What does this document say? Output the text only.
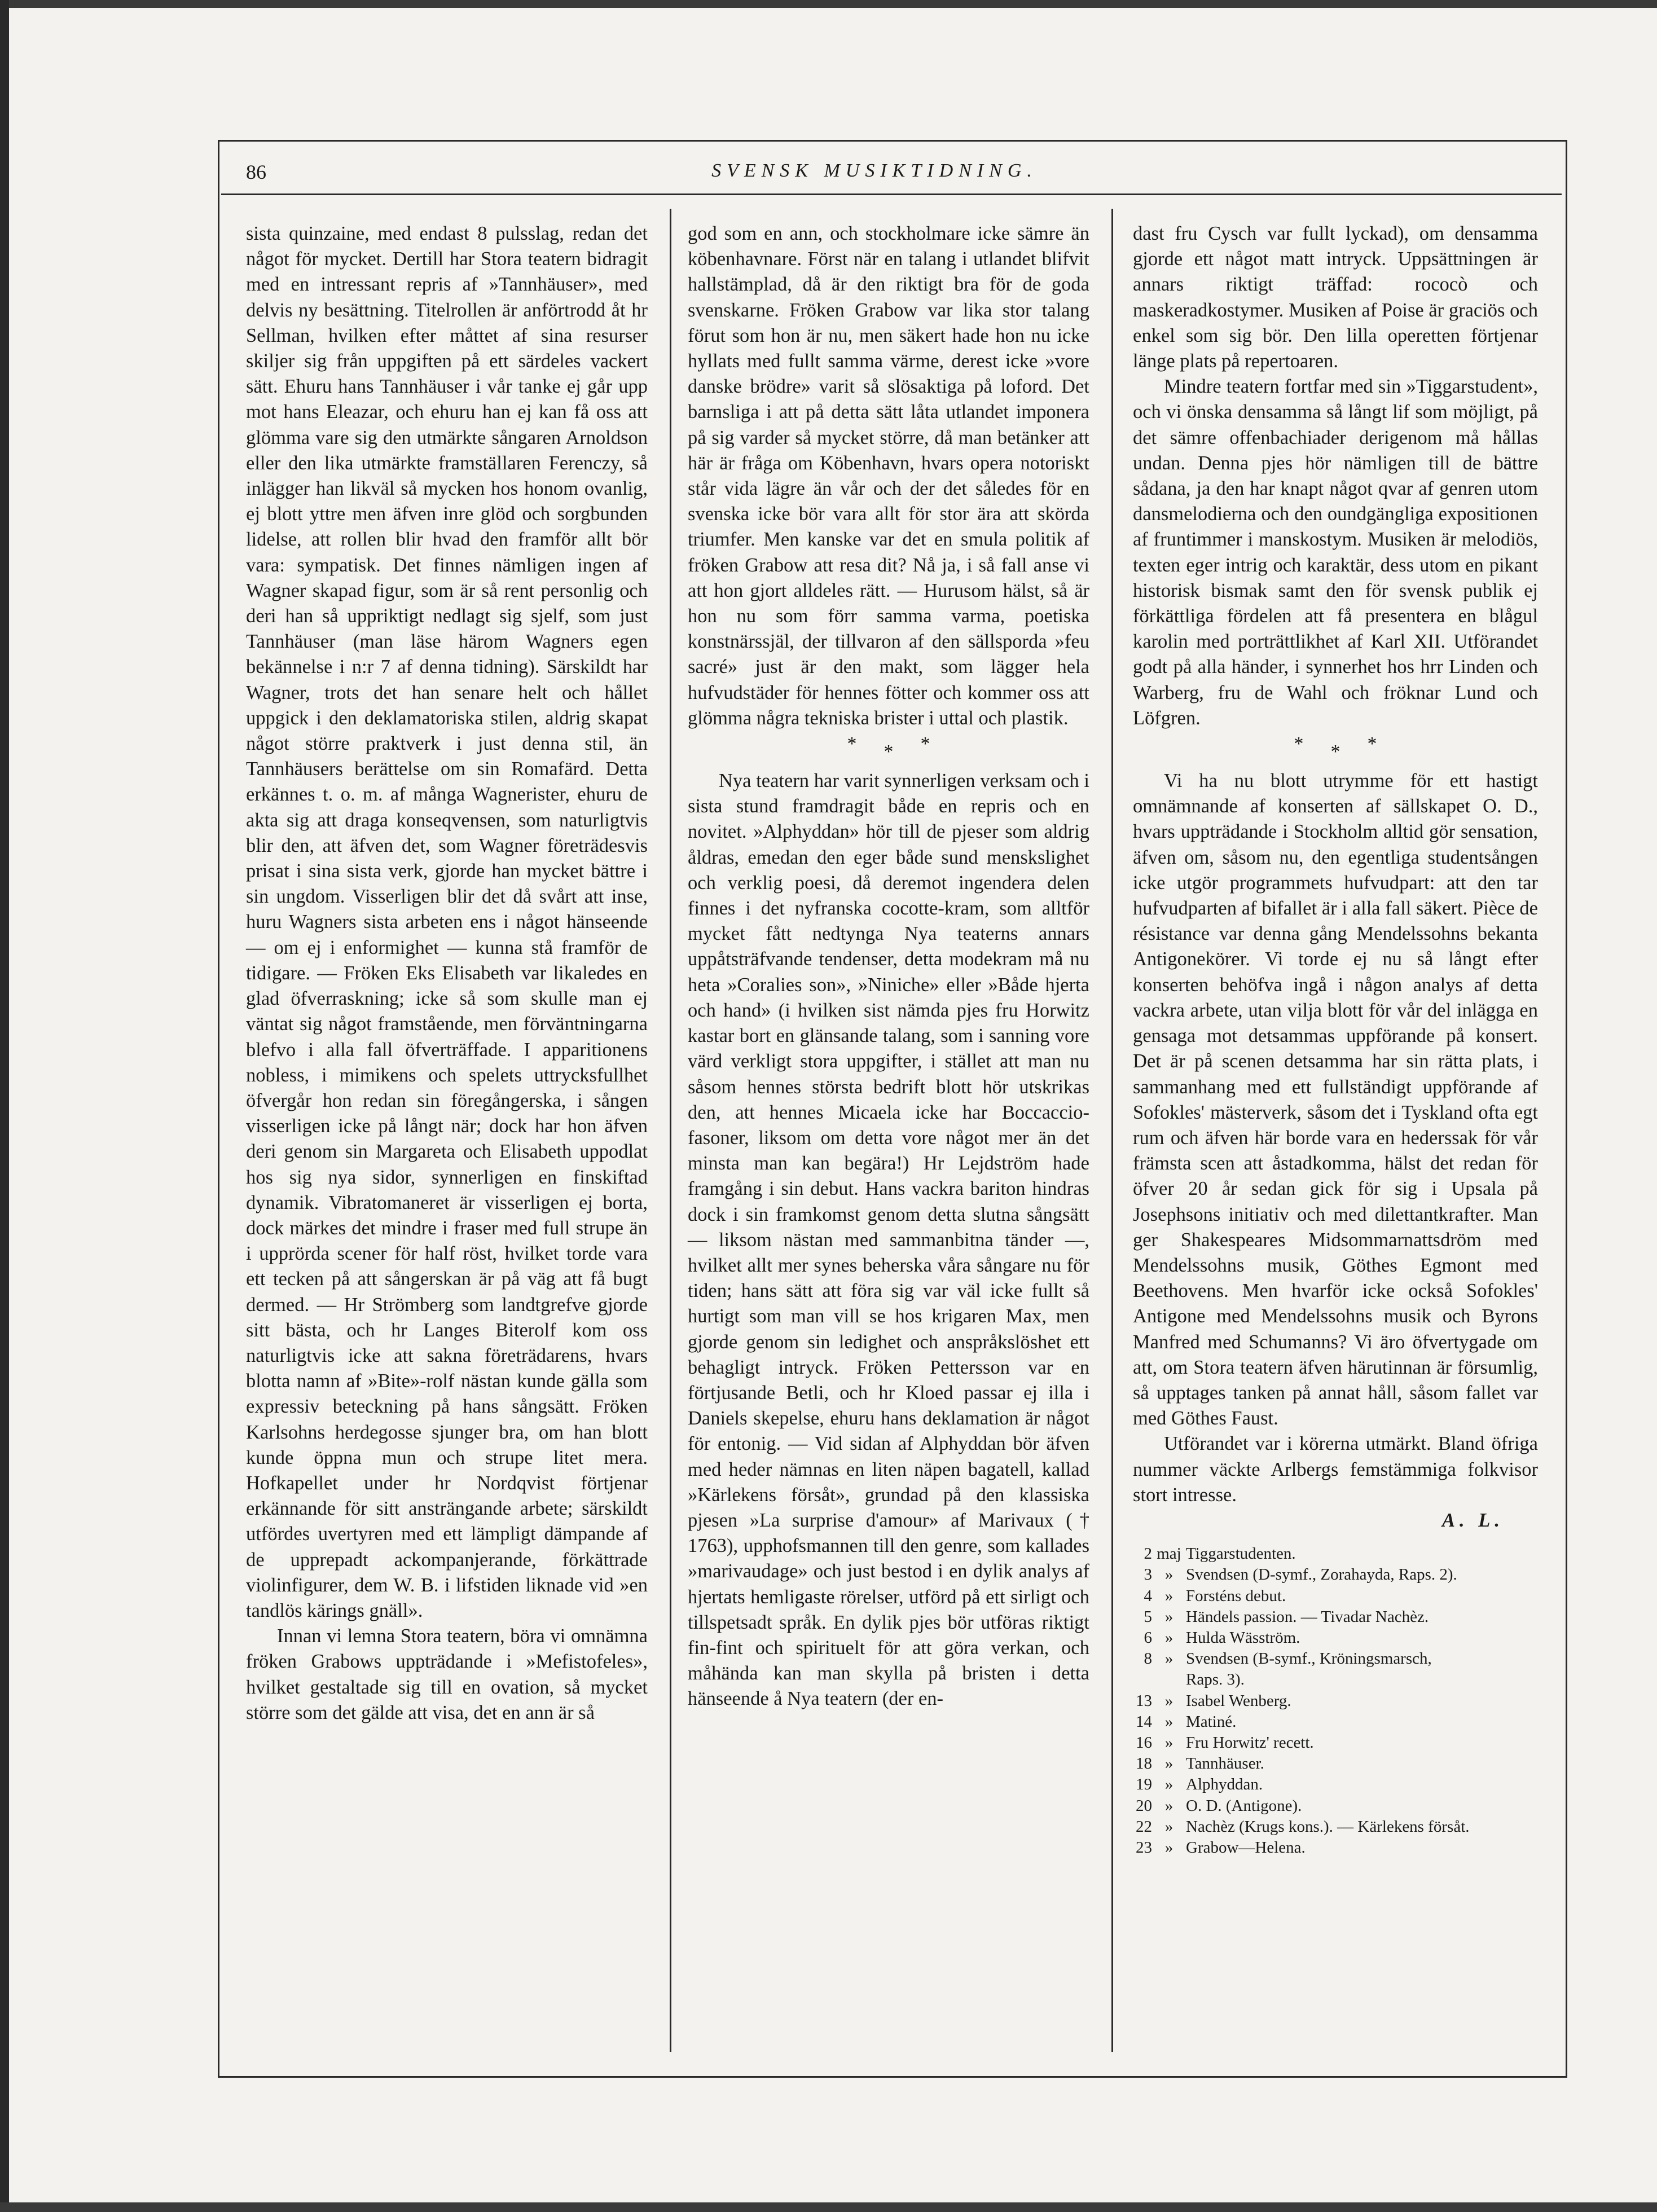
86	SVENSK MUSIKTIDNING.

sista quinzaine, med endast 8 pulsslag, redan det något för mycket. Dertill har Stora teatern bidragit med en intressant repris af »Tannhäuser», med delvis ny besättning. Titelrollen är anförtrodd åt hr Sellman, hvilken efter måttet af sina resurser skiljer sig från uppgiften på ett särdeles vackert sätt. Ehuru hans Tannhäuser i vår tanke ej går upp mot hans Eleazar, och ehuru han ej kan få oss att glömma vare sig den utmärkte sångaren Arnoldson eller den lika utmärkte framställaren Ferenczy, så inlägger han likväl så mycken hos honom ovanlig, ej blott yttre men äfven inre glöd och sorgbunden lidelse, att rollen blir hvad den framför allt bör vara: sympatisk. Det finnes nämligen ingen af Wagner skapad figur, som är så rent personlig och deri han så uppriktigt nedlagt sig sjelf, som just Tannhäuser (man läse härom Wagners egen bekännelse i n:r 7 af denna tidning). Särskildt har Wagner, trots det han senare helt och hållet uppgick i den deklamatoriska stilen, aldrig skapat något större praktverk i just denna stil, än Tannhäusers berättelse om sin Romafärd. Detta erkännes t. o. m. af många Wagnerister, ehuru de akta sig att draga konseqvensen, som naturligtvis blir den, att äfven det, som Wagner företrädesvis prisat i sina sista verk, gjorde han mycket bättre i sin ungdom. Visserligen blir det då svårt att inse, huru Wagners sista arbeten ens i något hänseende — om ej i enformighet — kunna stå framför de tidigare. — Fröken Eks Elisabeth var likaledes en glad öfverraskning; icke så som skulle man ej väntat sig något framstående, men förväntningarna blefvo i alla fall öfverträffade. I apparitionens nobless, i mimikens och spelets uttrycksfullhet öfvergår hon redan sin föregångerska, i sången visserligen icke på långt när; dock har hon äfven deri genom sin Margareta och Elisabeth uppodlat hos sig nya sidor, synnerligen en finskiftad dynamik. Vibratomaneret är visserligen ej borta, dock märkes det mindre i fraser med full strupe än i upprörda scener för half röst, hvilket torde vara ett tecken på att sångerskan är på väg att få bugt dermed. — Hr Strömberg som landtgrefve gjorde sitt bästa, och hr Langes Biterolf kom oss naturligtvis icke att sakna företrädarens, hvars blotta namn af »Bite»-rolf nästan kunde gälla som expressiv beteckning på hans sångsätt. Fröken Karlsohns herdegosse sjunger bra, om han blott kunde öppna mun och strupe litet mera. Hofkapellet under hr Nordqvist förtjenar erkännande för sitt ansträngande arbete; särskildt utfördes uvertyren med ett lämpligt dämpande af de upprepadt ackompanjerande, förkättrade violinfigurer, dem W. B. i lifstiden liknade vid »en tandlös kärings gnäll».

Innan vi lemna Stora teatern, böra vi omnämna fröken Grabows uppträdande i »Mefistofeles», hvilket gestaltade sig till en ovation, så mycket större som det gälde att visa, det en ann är så

god som en ann, och stockholmare icke sämre än köbenhavnare. Först när en talang i utlandet blifvit hallstämplad, då är den riktigt bra för de goda svenskarne. Fröken Grabow var lika stor talang förut som hon är nu, men säkert hade hon nu icke hyllats med fullt samma värme, derest icke »vore danske brödre» varit så slösaktiga på loford. Det barnsliga i att på detta sätt låta utlandet imponera på sig varder så mycket större, då man betänker att här är fråga om Köbenhavn, hvars opera notoriskt står vida lägre än vår och der det således för en svenska icke bör vara allt för stor ära att skörda triumfer. Men kanske var det en smula politik af fröken Grabow att resa dit? Nå ja, i så fall anse vi att hon gjort alldeles rätt. — Hurusom hälst, så är hon nu som förr samma varma, poetiska konstnärssjäl, der tillvaron af den sällsporda »feu sacré» just är den makt, som lägger hela hufvudstäder för hennes fötter och kommer oss att glömma några tekniska brister i uttal och plastik.

* * *

Nya teatern har varit synnerligen verksam och i sista stund framdragit både en repris och en novitet. »Alphyddan» hör till de pjeser som aldrig åldras, emedan den eger både sund menskslighet och verklig poesi, då deremot ingendera delen finnes i det nyfranska cocotte-kram, som alltför mycket fått nedtynga Nya teaterns annars uppåtsträfvande tendenser, detta modekram må nu heta »Coralies son», »Niniche» eller »Både hjerta och hand» (i hvilken sist nämda pjes fru Horwitz kastar bort en glänsande talang, som i sanning vore värd verkligt stora uppgifter, i stället att man nu såsom hennes största bedrift blott hör utskrikas den, att hennes Micaela icke har Boccaccio-fasoner, liksom om detta vore något mer än det minsta man kan begära!) Hr Lejdström hade framgång i sin debut. Hans vackra bariton hindras dock i sin framkomst genom detta slutna sångsätt — liksom nästan med sammanbitna tänder —, hvilket allt mer synes beherska våra sångare nu för tiden; hans sätt att föra sig var väl icke fullt så hurtigt som man vill se hos krigaren Max, men gjorde genom sin ledighet och anspråkslöshet ett behagligt intryck. Fröken Pettersson var en förtjusande Betli, och hr Kloed passar ej illa i Daniels skepelse, ehuru hans deklamation är något för entonig. — Vid sidan af Alphyddan bör äfven med heder nämnas en liten näpen bagatell, kallad »Kärlekens försåt», grundad på den klassiska pjesen »La surprise d'amour» af Marivaux († 1763), upphofsmannen till den genre, som kallades »marivaudage» och just bestod i en dylik analys af hjertats hemligaste rörelser, utförd på ett sirligt och tillspetsadt språk. En dylik pjes bör utföras riktigt fin-fint och spirituelt för att göra verkan, och måhända kan man skylla på bristen i detta hänseende å Nya teatern (der en-

dast fru Cysch var fullt lyckad), om densamma gjorde ett något matt intryck. Uppsättningen är annars riktigt träffad: rococò och maskeradkostymer. Musiken af Poise är graciös och enkel som sig bör. Den lilla operetten förtjenar länge plats på repertoaren.

Mindre teatern fortfar med sin »Tiggarstudent», och vi önska densamma så långt lif som möjligt, på det sämre offenbachiader derigenom må hållas undan. Denna pjes hör nämligen till de bättre sådana, ja den har knapt något qvar af genren utom dansmelodierna och den oundgängliga expositionen af fruntimmer i manskostym. Musiken är melodiös, texten eger intrig och karaktär, dess utom en pikant historisk bismak samt den för svensk publik ej förkättliga fördelen att få presentera en blågul karolin med porträttlikhet af Karl XII. Utförandet godt på alla händer, i synnerhet hos hrr Linden och Warberg, fru de Wahl och fröknar Lund och Löfgren.

* * *

Vi ha nu blott utrymme för ett hastigt omnämnande af konserten af sällskapet O. D., hvars uppträdande i Stockholm alltid gör sensation, äfven om, såsom nu, den egentliga studentsången icke utgör programmets hufvudpart: att den tar hufvudparten af bifallet är i alla fall säkert. Pièce de résistance var denna gång Mendelssohns bekanta Antigonekörer. Vi torde ej nu så långt efter konserten behöfva ingå i någon analys af detta vackra arbete, utan vilja blott för vår del inlägga en gensaga mot detsammas uppförande på konsert. Det är på scenen detsamma har sin rätta plats, i sammanhang med ett fullständigt uppförande af Sofokles' mästerverk, såsom det i Tyskland ofta egt rum och äfven här borde vara en hederssak för vår främsta scen att åstadkomma, hälst det redan för öfver 20 år sedan gick för sig i Upsala på Josephsons initiativ och med dilettantkrafter. Man ger Shakespeares Midsommarnattsdröm med Mendelssohns musik, Göthes Egmont med Beethovens. Men hvarför icke också Sofokles' Antigone med Mendelssohns musik och Byrons Manfred med Schumanns? Vi äro öfvertygade om att, om Stora teatern äfven härutinnan är försumlig, så upptages tanken på annat håll, såsom fallet var med Göthes Faust.

Utförandet var i körerna utmärkt. Bland öfriga nummer väckte Arlbergs femstämmiga folkvisor stort intresse.

A. L.

2 maj Tiggarstudenten.
3 » Svendsen (D-symf., Zorahayda, Raps. 2).
4 » Forsténs debut.
5 » Händels passion. — Tivadar Nachèz.
6 » Hulda Wäsström.
8 » Svendsen (B-symf., Kröningsmarsch,
Raps. 3).
13 » Isabel Wenberg.
14 » Matiné.
16 » Fru Horwitz' recett.
18 » Tannhäuser.
19 » Alphyddan.
20 » O. D. (Antigone).
22 » Nachèz (Krugs kons.). — Kärlekens försåt.
23 » Grabow—Helena.
